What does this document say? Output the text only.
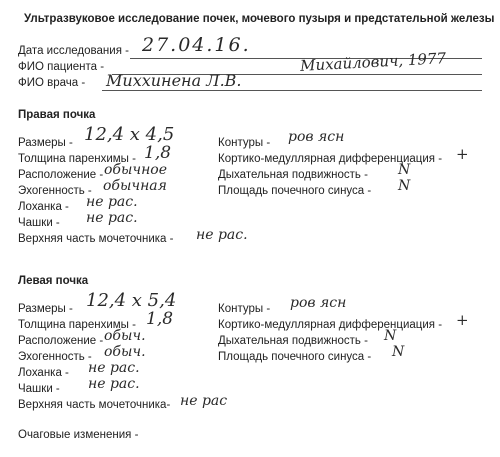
Ультразвуковое исследование почек, мочевого пузыря и предстательной железы
Дата исследования - 27.04.16.
ФИО пациента -	Михайлович, 1977
ФИО врача - Миххиненa Л.В.
Правая почка
Размеры - 12,4 x 4,5
Толщина паренхимы - 1,8
Расположение - обычное
Эхогенность - обычная
Лоханка - не рас.
Чашки - не рас.
Верхняя часть мочеточника - не рас.
Контуры - ров ясн
Кортико-медуллярная дифференциация - +
Дыхательная подвижность - N
Площадь почечного синуса - N
Левая почка
Размеры - 12,4 x 5,4
Толщина паренхимы - 1,8
Расположение - обыч.
Эхогенность - обыч.
Лоханка - не рас.
Чашки - не рас.
Верхняя часть мочеточника- не рас
Контуры - ров ясн
Кортико-медуллярная дифференциация - +
Дыхательная подвижность - N
Площадь почечного синуса - N
Очаговые изменения -
